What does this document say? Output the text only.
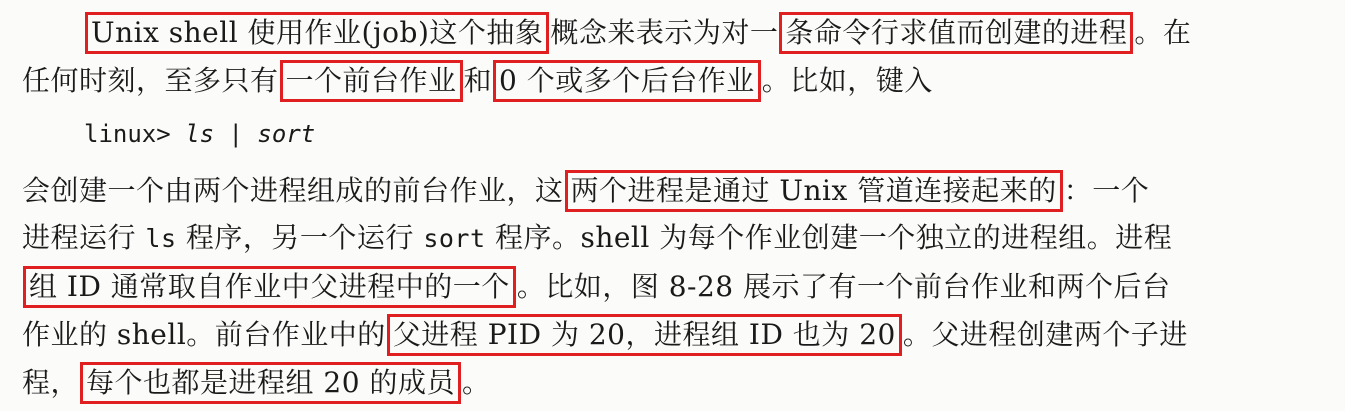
Unix shell 使用作业(job)这个抽象 概念来表示为对一 条命令行求值而创建的进程 。在
任何时刻，至多只有 一个前台作业 和 0 个或多个后台作业 。比如，键入
linux> ls | sort
会创建一个由两个进程组成的前台作业，这 两个进程是通过 Unix 管道连接起来的 ：一个
进程运行 ls 程序，另一个运行 sort 程序。shell 为每个作业创建一个独立的进程组。进程
组 ID 通常取自作业中父进程中的一个 。比如，图 8-28 展示了有一个前台作业和两个后台
作业的 shell。前台作业中的 父进程 PID 为 20，进程组 ID 也为 20 。父进程创建两个子进
程， 每个也都是进程组 20 的成员 。
